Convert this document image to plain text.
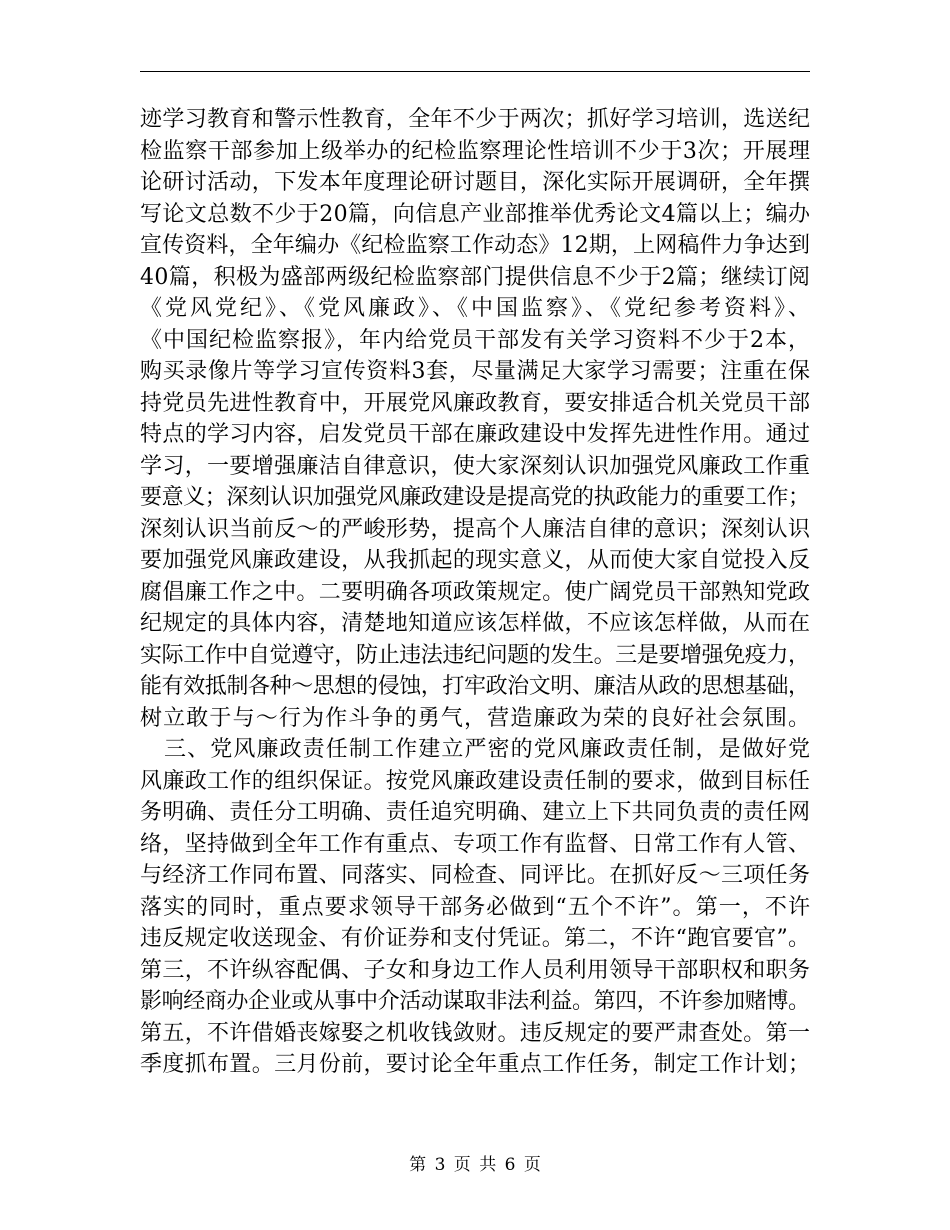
迹学习教育和警示性教育，全年不少于两次；抓好学习培训，选送纪
检监察干部参加上级举办的纪检监察理论性培训不少于3次；开展理
论研讨活动，下发本年度理论研讨题目，深化实际开展调研，全年撰
写论文总数不少于20篇，向信息产业部推举优秀论文4篇以上；编办
宣传资料，全年编办《纪检监察工作动态》12期，上网稿件力争达到
40篇，积极为盛部两级纪检监察部门提供信息不少于2篇；继续订阅
《党风党纪》、《党风廉政》、《中国监察》、《党纪参考资料》、
《中国纪检监察报》，年内给党员干部发有关学习资料不少于2本，
购买录像片等学习宣传资料3套，尽量满足大家学习需要；注重在保
持党员先进性教育中，开展党风廉政教育，要安排适合机关党员干部
特点的学习内容，启发党员干部在廉政建设中发挥先进性作用。通过
学习，一要增强廉洁自律意识，使大家深刻认识加强党风廉政工作重
要意义；深刻认识加强党风廉政建设是提高党的执政能力的重要工作；
深刻认识当前反～的严峻形势，提高个人廉洁自律的意识；深刻认识
要加强党风廉政建设，从我抓起的现实意义，从而使大家自觉投入反
腐倡廉工作之中。二要明确各项政策规定。使广阔党员干部熟知党政
纪规定的具体内容，清楚地知道应该怎样做，不应该怎样做，从而在
实际工作中自觉遵守，防止违法违纪问题的发生。三是要增强免疫力，
能有效抵制各种～思想的侵蚀，打牢政治文明、廉洁从政的思想基础，
树立敢于与～行为作斗争的勇气，营造廉政为荣的良好社会氛围。
三、党风廉政责任制工作建立严密的党风廉政责任制，是做好党
风廉政工作的组织保证。按党风廉政建设责任制的要求，做到目标任
务明确、责任分工明确、责任追究明确、建立上下共同负责的责任网
络，坚持做到全年工作有重点、专项工作有监督、日常工作有人管、
与经济工作同布置、同落实、同检查、同评比。在抓好反～三项任务
落实的同时，重点要求领导干部务必做到“五个不许”。第一，不许
违反规定收送现金、有价证券和支付凭证。第二，不许“跑官要官”。
第三，不许纵容配偶、子女和身边工作人员利用领导干部职权和职务
影响经商办企业或从事中介活动谋取非法利益。第四，不许参加赌博。
第五，不许借婚丧嫁娶之机收钱敛财。违反规定的要严肃查处。第一
季度抓布置。三月份前，要讨论全年重点工作任务，制定工作计划；
第 3 页 共 6 页
